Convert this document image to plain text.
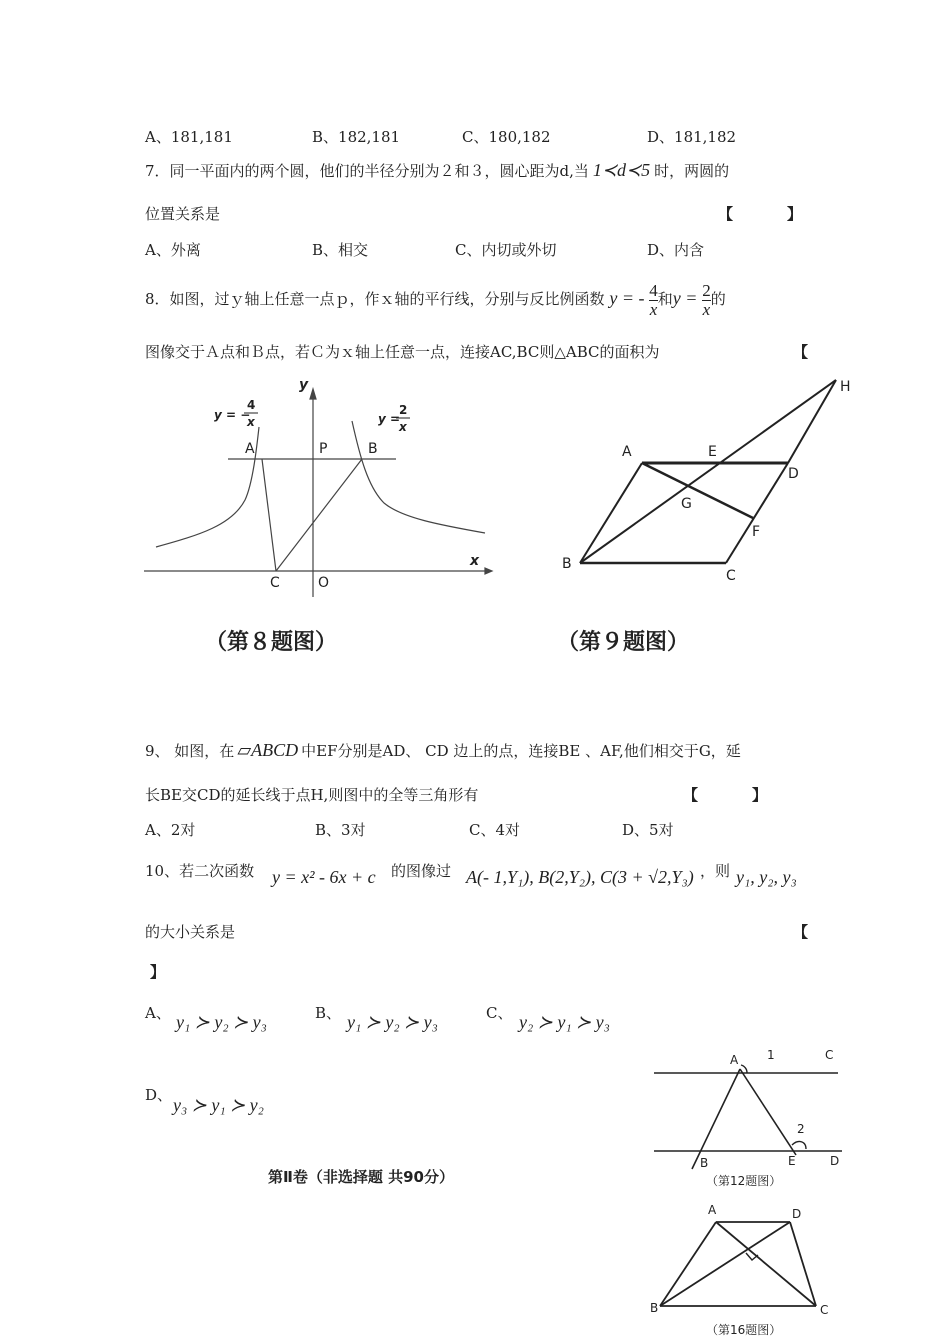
A、181,181	B、182,181	C、180,182	D、181,182
7．同一平面内的两个圆，他们的半径分别为２和３，圆心距为d,当 1≺d≺5 时，两圆的
位置关系是	【	】
A、外离	B、相交	C、内切或外切	D、内含
8．如图，过ｙ轴上任意一点ｐ，作ｘ轴的平行线，分别与反比例函数 y = - $\frac{4}{x}$ 和$y = \frac{2}{x}$ 的
图像交于Ａ点和Ｂ点，若Ｃ为ｘ轴上任意一点，连接AC,BC则△ABC的面积为	【
y
x
y = −
4
x	y =
2
x
A	P	B
C	O
（第８题图）
A	E
D
H
G
F
B
C
（第９题图）
9、 如图，在 ▱ABCD 中EF分别是AD、 CD 边上的点，连接BE 、AF,他们相交于G，延
长BE交CD的延长线于点H,则图中的全等三角形有	【	】
A、2对	B、3对	C、4对	D、5对
10、若二次函数 y = x² - 6x + c 的图像过 A(- 1,Y₁), B(2,Y₂), C(3 + √2,Y₃) ，则 y₁, y₂, y₃
的大小关系是	【
】
A、 y₁ ≻ y₂ ≻ y₃	B、 y₁ ≻ y₂ ≻ y₃	C、 y₂ ≻ y₁ ≻ y₃
D、 y₃ ≻ y₁ ≻ y₂
第Ⅱ卷（非选择题 共90分）
A 1	C
2
B	E	D
（第12题图）
A	D
B	C
（第16题图）
